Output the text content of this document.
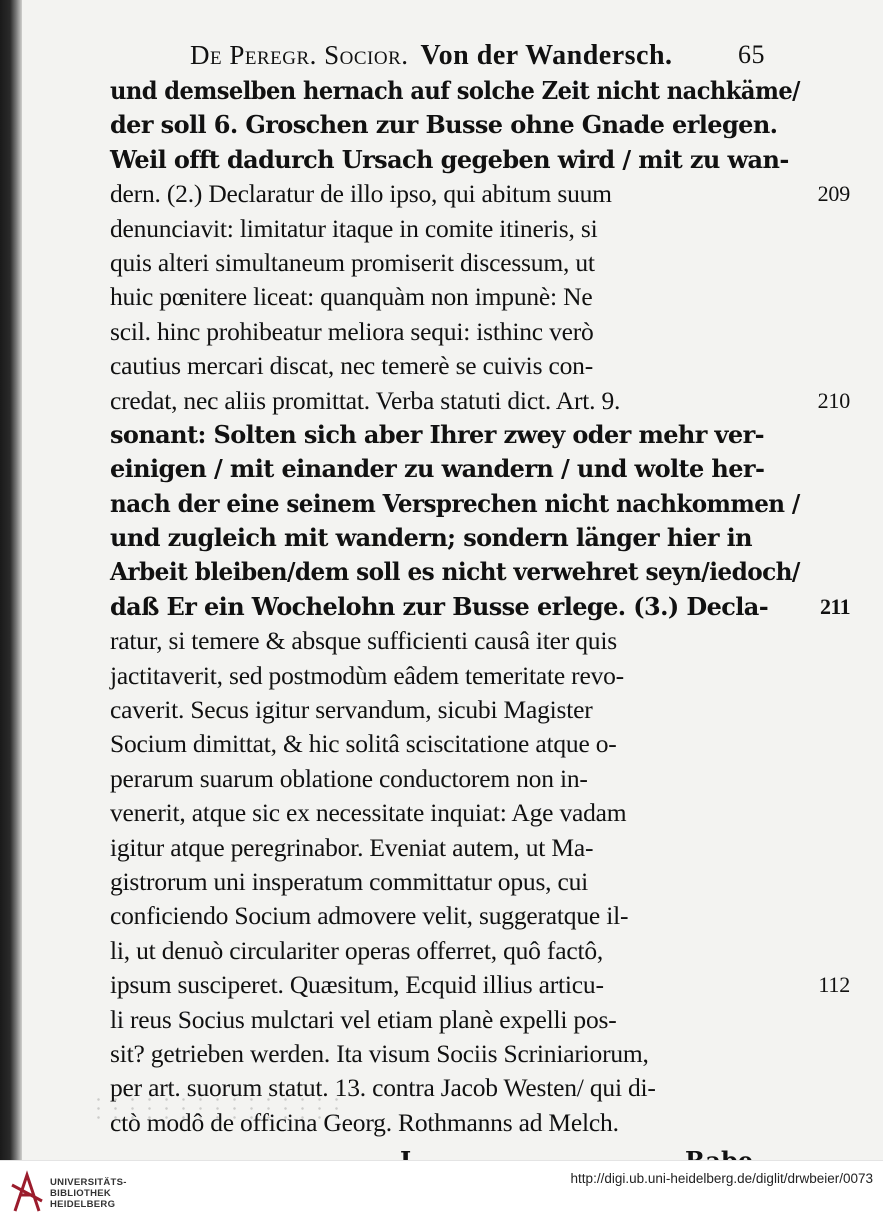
De Peregr. Socior. Von der Wandersch.	65
und demselben hernach auf solche Zeit nicht nachkäme/
der soll 6. Groschen zur Busse ohne Gnade erlegen.
Weil offt dadurch Ursach gegeben wird / mit zu wan-
dern. (2.) Declaratur de illo ipso, qui abitum suum	209
denunciavit: limitatur itaque in comite itineris, si
quis alteri simultaneum promiserit discessum, ut
huic pœnitere liceat: quanquàm non impunè: Ne
scil. hinc prohibeatur meliora sequi: isthinc verò
cautius mercari discat, nec temerè se cuivis con-
credat, nec aliis promittat. Verba statuti dict. Art. 9.	210
sonant: Solten sich aber Ihrer zwey oder mehr ver-
einigen / mit einander zu wandern / und wolte her-
nach der eine seinem Versprechen nicht nachkommen /
und zugleich mit wandern; sondern länger hier in
Arbeit bleiben/dem soll es nicht verwehret seyn/iedoch/
daß Er ein Wochelohn zur Busse erlege. (3.) Decla- 211
ratur, si temere & absque sufficienti causâ iter quis
jactitaverit, sed postmodùm eâdem temeritate revo-
caverit. Secus igitur servandum, sicubi Magister
Socium dimittat, & hic solitâ sciscitatione atque o-
perarum suarum oblatione conductorem non in-
venerit, atque sic ex necessitate inquiat: Age vadam
igitur atque peregrinabor. Eveniat autem, ut Ma-
gistrorum uni insperatum committatur opus, cui
conficiendo Socium admovere velit, suggeratque il-
li, ut denuò circulariter operas offerret, quô factô,
ipsum susciperet. Quæsitum, Ecquid illius articu-	112
li reus Socius mulctari vel etiam planè expelli pos-
sit? getrieben werden. Ita visum Sociis Scriniariorum,
per art. suorum statut. 13. contra Jacob Westen/ qui di-
ctò modô de officina Georg. Rothmanns ad Melch.
UNIVERSITÄTS-
BIBLIOTHEK
HEIDELBERG
http://digi.ub.uni-heidelberg.de/diglit/drwbeier/0073
